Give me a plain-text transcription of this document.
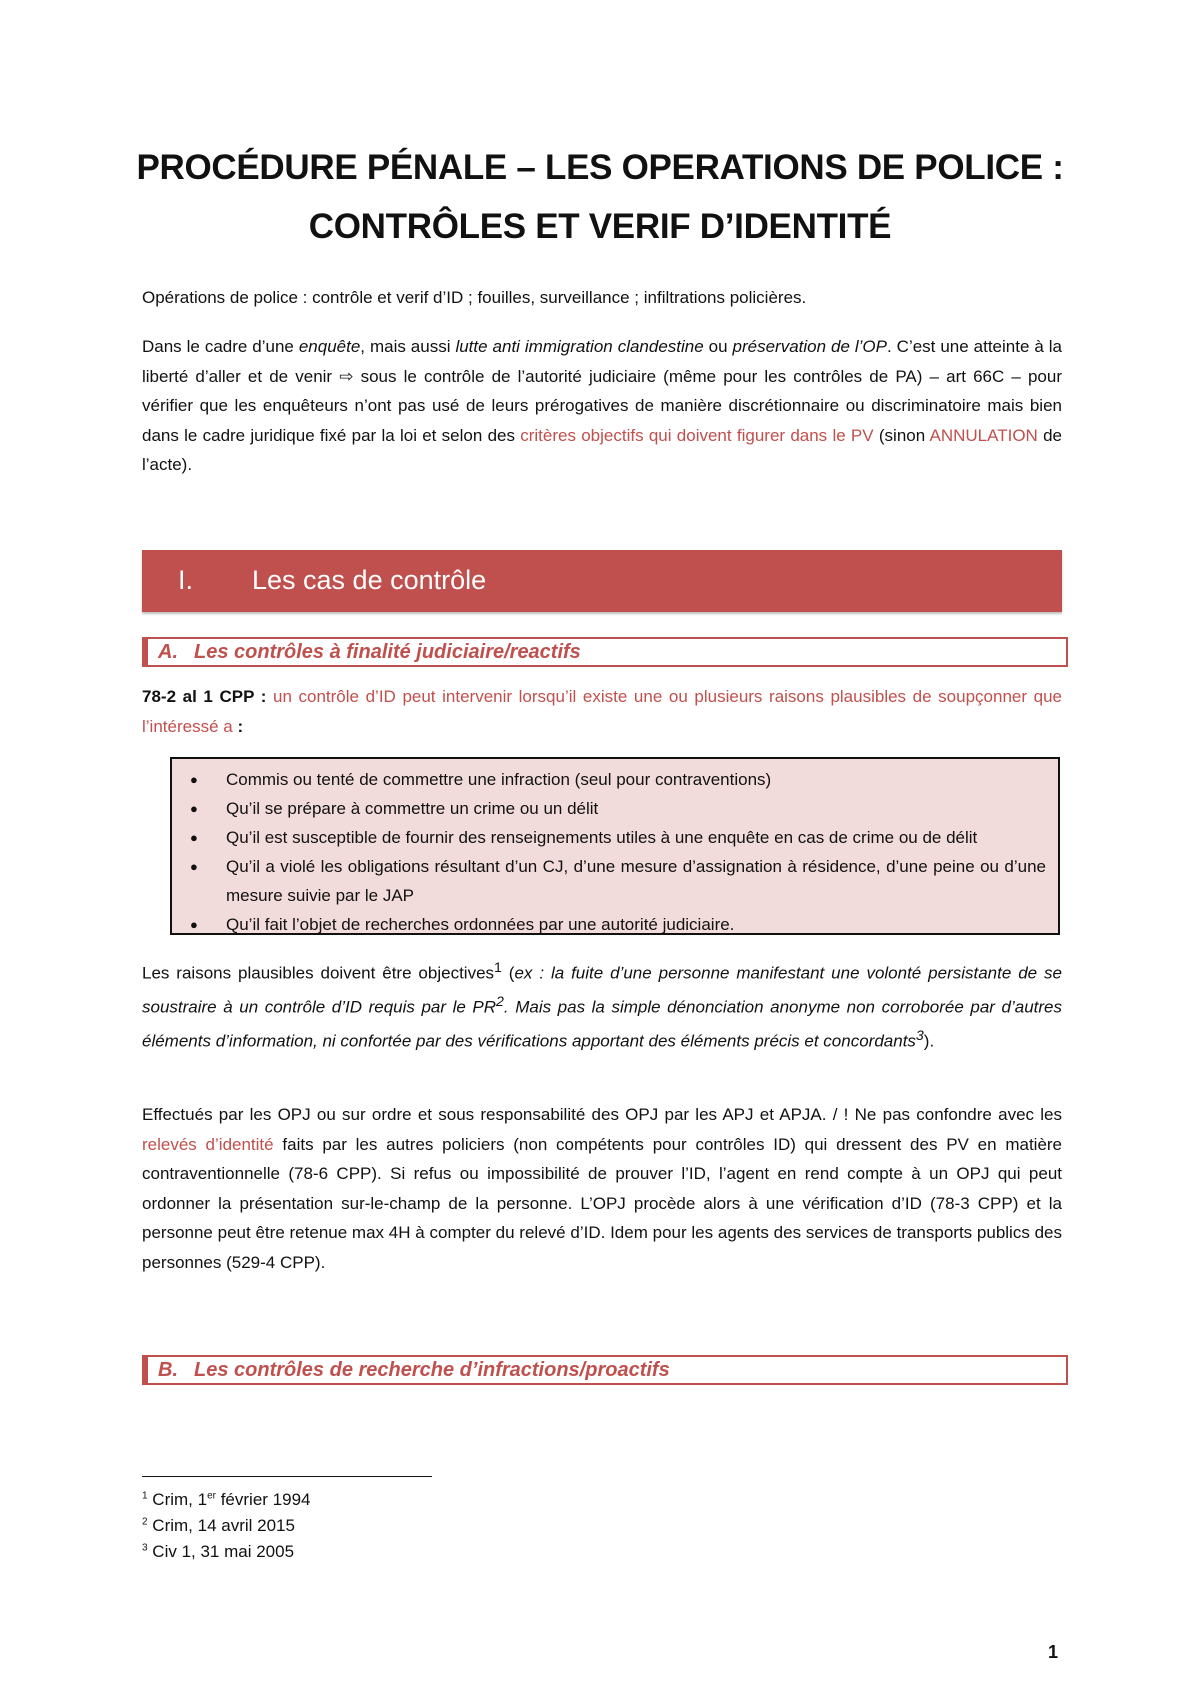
PROCÉDURE PÉNALE – LES OPERATIONS DE POLICE :
CONTRÔLES ET VERIF D’IDENTITÉ
Opérations de police : contrôle et verif d’ID ; fouilles, surveillance ; infiltrations policières.
Dans le cadre d’une enquête, mais aussi lutte anti immigration clandestine ou préservation de l’OP. C’est une atteinte à la liberté d’aller et de venir ⇨ sous le contrôle de l’autorité judiciaire (même pour les contrôles de PA) – art 66C – pour vérifier que les enquêteurs n’ont pas usé de leurs prérogatives de manière discrétionnaire ou discriminatoire mais bien dans le cadre juridique fixé par la loi et selon des critères objectifs qui doivent figurer dans le PV (sinon ANNULATION de l’acte).
I. Les cas de contrôle
A. Les contrôles à finalité judiciaire/reactifs
78-2 al 1 CPP : un contrôle d’ID peut intervenir lorsqu’il existe une ou plusieurs raisons plausibles de soupçonner que l’intéressé a :
● Commis ou tenté de commettre une infraction (seul pour contraventions)
● Qu’il se prépare à commettre un crime ou un délit
● Qu’il est susceptible de fournir des renseignements utiles à une enquête en cas de crime ou de délit
● Qu’il a violé les obligations résultant d’un CJ, d’une mesure d’assignation à résidence, d’une peine ou d’une mesure suivie par le JAP
● Qu’il fait l’objet de recherches ordonnées par une autorité judiciaire.
Les raisons plausibles doivent être objectives$^1$ (ex : la fuite d’une personne manifestant une volonté persistante de se soustraire à un contrôle d’ID requis par le $PR^2$. Mais pas la simple dénonciation anonyme non corroborée par d’autres éléments d’information, ni confortée par des vérifications apportant des éléments précis et concordants$^3$).
Effectués par les OPJ ou sur ordre et sous responsabilité des OPJ par les APJ et APJA. / ! Ne pas confondre avec les relevés d’identité faits par les autres policiers (non compétents pour contrôles ID) qui dressent des PV en matière contraventionnelle (78-6 CPP). Si refus ou impossibilité de prouver l’ID, l’agent en rend compte à un OPJ qui peut ordonner la présentation sur-le-champ de la personne. L’OPJ procède alors à une vérification d’ID (78-3 CPP) et la personne peut être retenue max 4H à compter du relevé d’ID. Idem pour les agents des services de transports publics des personnes (529-4 CPP).
B. Les contrôles de recherche d’infractions/proactifs
$^1$ Crim, 1er février 1994
$^2$ Crim, 14 avril 2015
$^3$ Civ 1, 31 mai 2005
1
